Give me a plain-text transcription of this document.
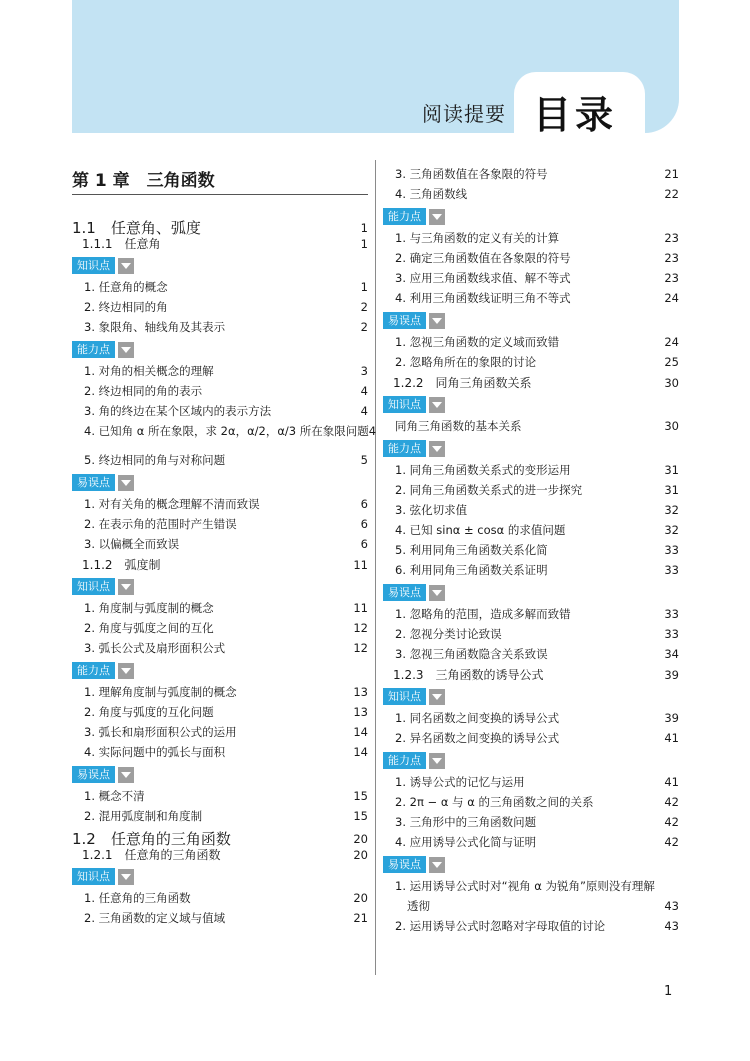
阅读提要 目录
第 1 章　三角函数
1.1　任意角、弧度	1
1.1.1　任意角	1
知识点
1. 任意角的概念	1
2. 终边相同的角	2
3. 象限角、轴线角及其表示	2
能力点
1. 对角的相关概念的理解	3
2. 终边相同的角的表示	4
3. 角的终边在某个区域内的表示方法	4
4. 已知角 α 所在象限，求 2α，α/2，α/3 所在象限问题 4
5. 终边相同的角与对称问题	5
易误点
1. 对有关角的概念理解不清而致误	6
2. 在表示角的范围时产生错误	6
3. 以偏概全而致误	6
1.1.2　弧度制	11
知识点
1. 角度制与弧度制的概念	11
2. 角度与弧度之间的互化	12
3. 弧长公式及扇形面积公式	12
能力点
1. 理解角度制与弧度制的概念	13
2. 角度与弧度的互化问题	13
3. 弧长和扇形面积公式的运用	14
4. 实际问题中的弧长与面积	14
易误点
1. 概念不清	15
2. 混用弧度制和角度制	15
1.2　任意角的三角函数	20
1.2.1　任意角的三角函数	20
知识点
1. 任意角的三角函数	20
2. 三角函数的定义域与值域	21
3. 三角函数值在各象限的符号	21
4. 三角函数线	22
能力点
1. 与三角函数的定义有关的计算	23
2. 确定三角函数值在各象限的符号	23
3. 应用三角函数线求值、解不等式	23
4. 利用三角函数线证明三角不等式	24
易误点
1. 忽视三角函数的定义域而致错	24
2. 忽略角所在的象限的讨论	25
1.2.2　同角三角函数关系	30
知识点
同角三角函数的基本关系	30
能力点
1. 同角三角函数关系式的变形运用	31
2. 同角三角函数关系式的进一步探究	31
3. 弦化切求值	32
4. 已知 sinα ± cosα 的求值问题	32
5. 利用同角三角函数关系化简	33
6. 利用同角三角函数关系证明	33
易误点
1. 忽略角的范围，造成多解而致错	33
2. 忽视分类讨论致误	33
3. 忽视三角函数隐含关系致误	34
1.2.3　三角函数的诱导公式	39
知识点
1. 同名函数之间变换的诱导公式	39
2. 异名函数之间变换的诱导公式	41
能力点
1. 诱导公式的记忆与运用	41
2. 2π − α 与 α 的三角函数之间的关系	42
3. 三角形中的三角函数问题	42
4. 应用诱导公式化简与证明	42
易误点
1. 运用诱导公式时对“视角 α 为锐角”原则没有理解
透彻	43
2. 运用诱导公式时忽略对字母取值的讨论	43
1
